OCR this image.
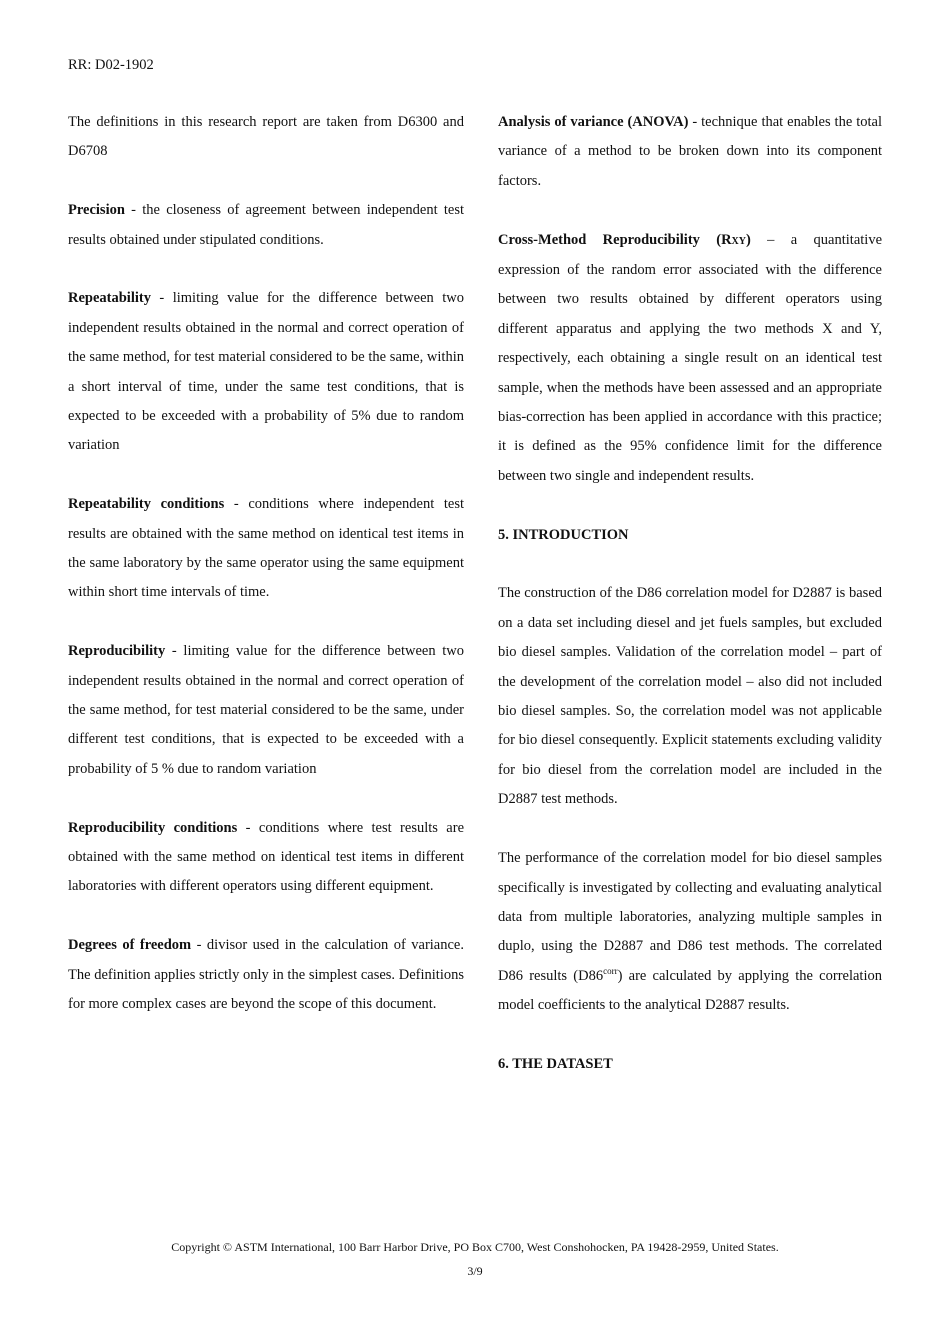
RR: D02-1902

The definitions in this research report are taken from D6300 and D6708

Precision - the closeness of agreement between independent test results obtained under stipulated conditions.

Repeatability - limiting value for the difference between two independent results obtained in the normal and correct operation of the same method, for test material considered to be the same, within a short interval of time, under the same test conditions, that is expected to be exceeded with a probability of 5% due to random variation

Repeatability conditions - conditions where independent test results are obtained with the same method on identical test items in the same laboratory by the same operator using the same equipment within short time intervals of time.

Reproducibility - limiting value for the difference between two independent results obtained in the normal and correct operation of the same method, for test material considered to be the same, under different test conditions, that is expected to be exceeded with a probability of 5 % due to random variation

Reproducibility conditions - conditions where test results are obtained with the same method on identical test items in different laboratories with different operators using different equipment.

Degrees of freedom - divisor used in the calculation of variance. The definition applies strictly only in the simplest cases. Definitions for more complex cases are beyond the scope of this document.

Analysis of variance (ANOVA) - technique that enables the total variance of a method to be broken down into its component factors.

Cross-Method Reproducibility (RXY) – a quantitative expression of the random error associated with the difference between two results obtained by different operators using different apparatus and applying the two methods X and Y, respectively, each obtaining a single result on an identical test sample, when the methods have been assessed and an appropriate bias-correction has been applied in accordance with this practice; it is defined as the 95% confidence limit for the difference between two single and independent results.

5. INTRODUCTION

The construction of the D86 correlation model for D2887 is based on a data set including diesel and jet fuels samples, but excluded bio diesel samples. Validation of the correlation model – part of the development of the correlation model – also did not included bio diesel samples. So, the correlation model was not applicable for bio diesel consequently. Explicit statements excluding validity for bio diesel from the correlation model are included in the D2887 test methods.

The performance of the correlation model for bio diesel samples specifically is investigated by collecting and evaluating analytical data from multiple laboratories, analyzing multiple samples in duplo, using the D2887 and D86 test methods. The correlated D86 results $(D86^{corr})$ are calculated by applying the correlation model coefficients to the analytical D2887 results.

6. THE DATASET

Copyright © ASTM International, 100 Barr Harbor Drive, PO Box C700, West Conshohocken, PA 19428-2959, United States.
3/9
